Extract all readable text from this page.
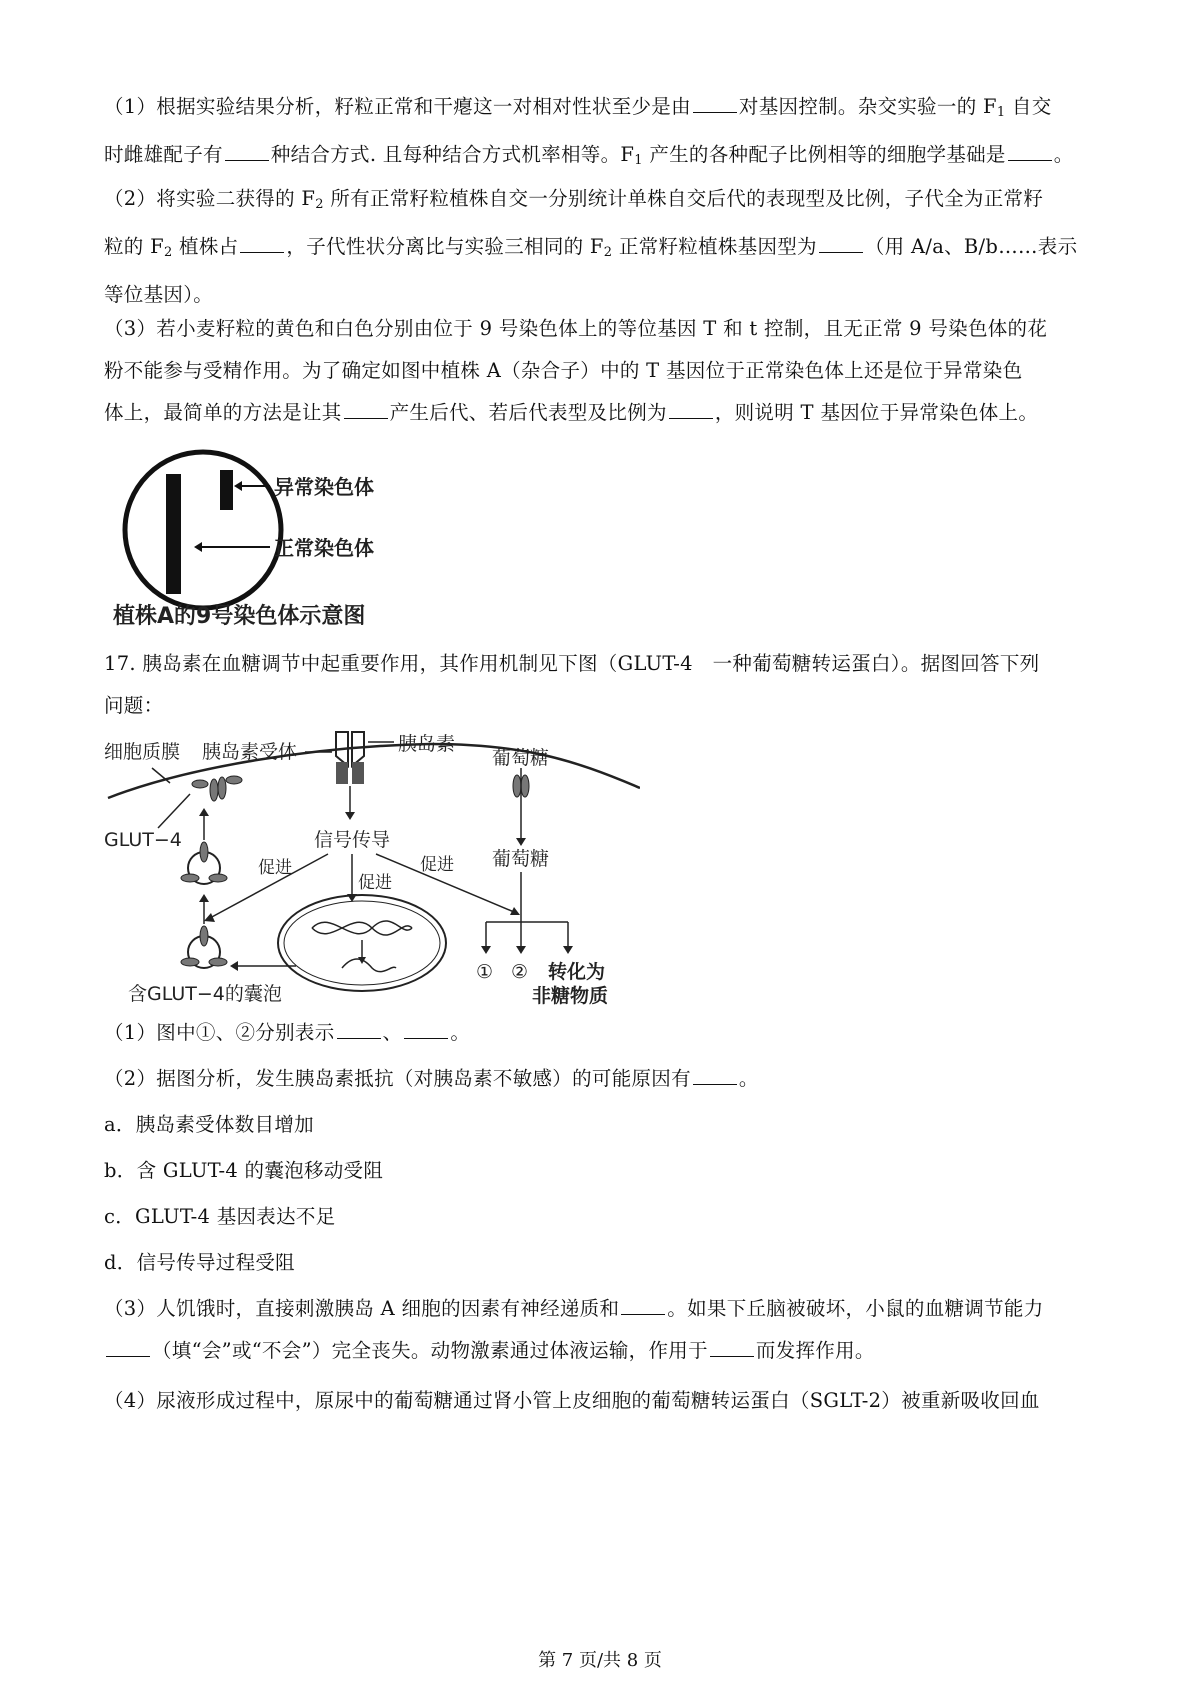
（1）根据实验结果分析，籽粒正常和干瘪这一对相对性状至少是由 对基因控制。杂交实验一的 $F_1$ 自交
时雌雄配子有 种结合方式. 且每种结合方式机率相等。$F_1$ 产生的各种配子比例相等的细胞学基础是 。
（2）将实验二获得的 $F_2$ 所有正常籽粒植株自交一分别统计单株自交后代的表现型及比例，子代全为正常籽
粒的 $F_2$ 植株占 ，子代性状分离比与实验三相同的 $F_2$ 正常籽粒植株基因型为 （用 A/a、B/b……表示
等位基因）。
（3）若小麦籽粒的黄色和白色分别由位于 9 号染色体上的等位基因 T 和 t 控制，且无正常 9 号染色体的花
粉不能参与受精作用。为了确定如图中植株 A（杂合子）中的 T 基因位于正常染色体上还是位于异常染色
体上，最简单的方法是让其 产生后代、若后代表型及比例为 ，则说明 T 基因位于异常染色体上。
异常染色体
正常染色体
植株A的9号染色体示意图
17. 胰岛素在血糖调节中起重要作用，其作用机制见下图（GLUT-4　一种葡萄糖转运蛋白）。据图回答下列
问题：
细胞质膜 胰岛素受体	胰岛素
葡萄糖
葡萄糖
GLUT−4	信号传导
促进
促进
促进
含GLUT−4的囊泡
① ② 转化为
非糖物质
（1）图中①、②分别表示 、 。
（2）据图分析，发生胰岛素抵抗（对胰岛素不敏感）的可能原因有 。
a．胰岛素受体数目增加
b．含 GLUT-4 的囊泡移动受阻
c．GLUT-4 基因表达不足
d．信号传导过程受阻
（3）人饥饿时，直接刺激胰岛 A 细胞的因素有神经递质和 。如果下丘脑被破坏，小鼠的血糖调节能力
（填“会”或“不会”）完全丧失。动物激素通过体液运输，作用于 而发挥作用。
（4）尿液形成过程中，原尿中的葡萄糖通过肾小管上皮细胞的葡萄糖转运蛋白（SGLT-2）被重新吸收回血
第 7 页/共 8 页
